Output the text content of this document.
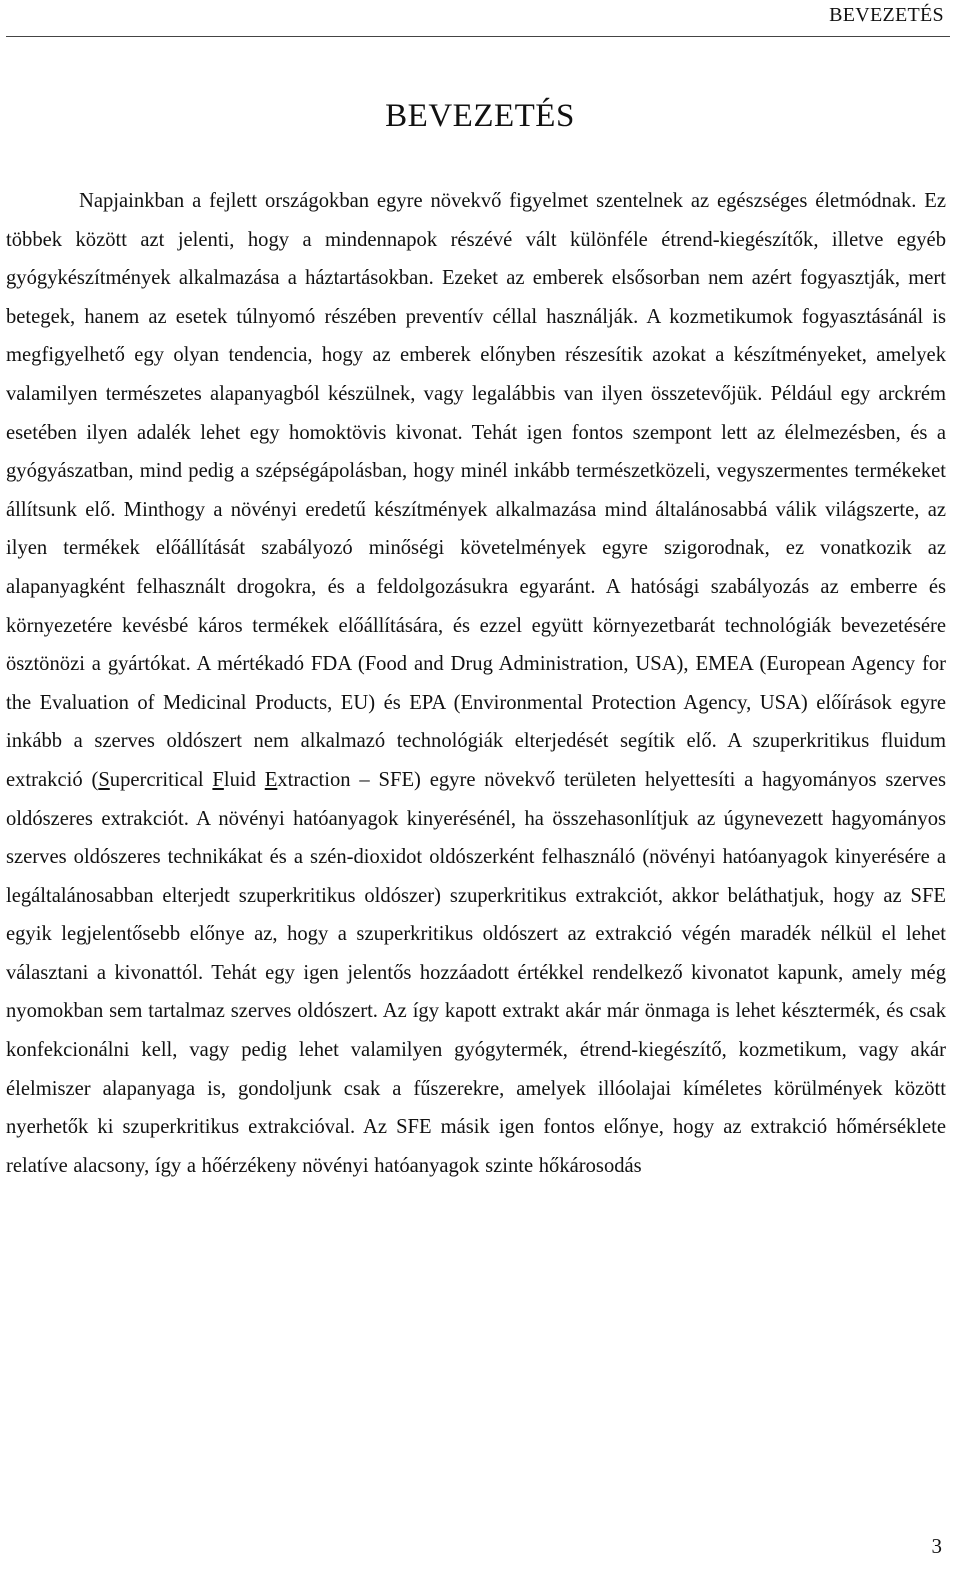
BEVEZETÉS
BEVEZETÉS

Napjainkban a fejlett országokban egyre növekvő figyelmet szentelnek az egészséges életmódnak. Ez többek között azt jelenti, hogy a mindennapok részévé vált különféle étrend-kiegészítők, illetve egyéb gyógykészítmények alkalmazása a háztartásokban. Ezeket az emberek elsősorban nem azért fogyasztják, mert betegek, hanem az esetek túlnyomó részében preventív céllal használják. A kozmetikumok fogyasztásánál is megfigyelhető egy olyan tendencia, hogy az emberek előnyben részesítik azokat a készítményeket, amelyek valamilyen természetes alapanyagból készülnek, vagy legalábbis van ilyen összetevőjük. Például egy arckrém esetében ilyen adalék lehet egy homoktövis kivonat. Tehát igen fontos szempont lett az élelmezésben, és a gyógyászatban, mind pedig a szépségápolásban, hogy minél inkább természetközeli, vegyszermentes termékeket állítsunk elő. Minthogy a növényi eredetű készítmények alkalmazása mind általánosabbá válik világszerte, az ilyen termékek előállítását szabályozó minőségi követelmények egyre szigorodnak, ez vonatkozik az alapanyagként felhasznált drogokra, és a feldolgozásukra egyaránt. A hatósági szabályozás az emberre és környezetére kevésbé káros termékek előállítására, és ezzel együtt környezetbarát technológiák bevezetésére ösztönözi a gyártókat. A mértékadó FDA (Food and Drug Administration, USA), EMEA (European Agency for the Evaluation of Medicinal Products, EU) és EPA (Environmental Protection Agency, USA) előírások egyre inkább a szerves oldószert nem alkalmazó technológiák elterjedését segítik elő. A szuperkritikus fluidum extrakció (Supercritical Fluid Extraction – SFE) egyre növekvő területen helyettesíti a hagyományos szerves oldószeres extrakciót. A növényi hatóanyagok kinyerésénél, ha összehasonlítjuk az úgynevezett hagyományos szerves oldószeres technikákat és a szén-dioxidot oldószerként felhasználó (növényi hatóanyagok kinyerésére a legáltalánosabban elterjedt szuperkritikus oldószer) szuperkritikus extrakciót, akkor beláthatjuk, hogy az SFE egyik legjelentősebb előnye az, hogy a szuperkritikus oldószert az extrakció végén maradék nélkül el lehet választani a kivonattól. Tehát egy igen jelentős hozzáadott értékkel rendelkező kivonatot kapunk, amely még nyomokban sem tartalmaz szerves oldószert. Az így kapott extrakt akár már önmaga is lehet késztermék, és csak konfekcionálni kell, vagy pedig lehet valamilyen gyógytermék, étrend-kiegészítő, kozmetikum, vagy akár élelmiszer alapanyaga is, gondoljunk csak a fűszerekre, amelyek illóolajai kíméletes körülmények között nyerhetők ki szuperkritikus extrakcióval. Az SFE másik igen fontos előnye, hogy az extrakció hőmérséklete relatíve alacsony, így a hőérzékeny növényi hatóanyagok szinte hőkárosodás

3
